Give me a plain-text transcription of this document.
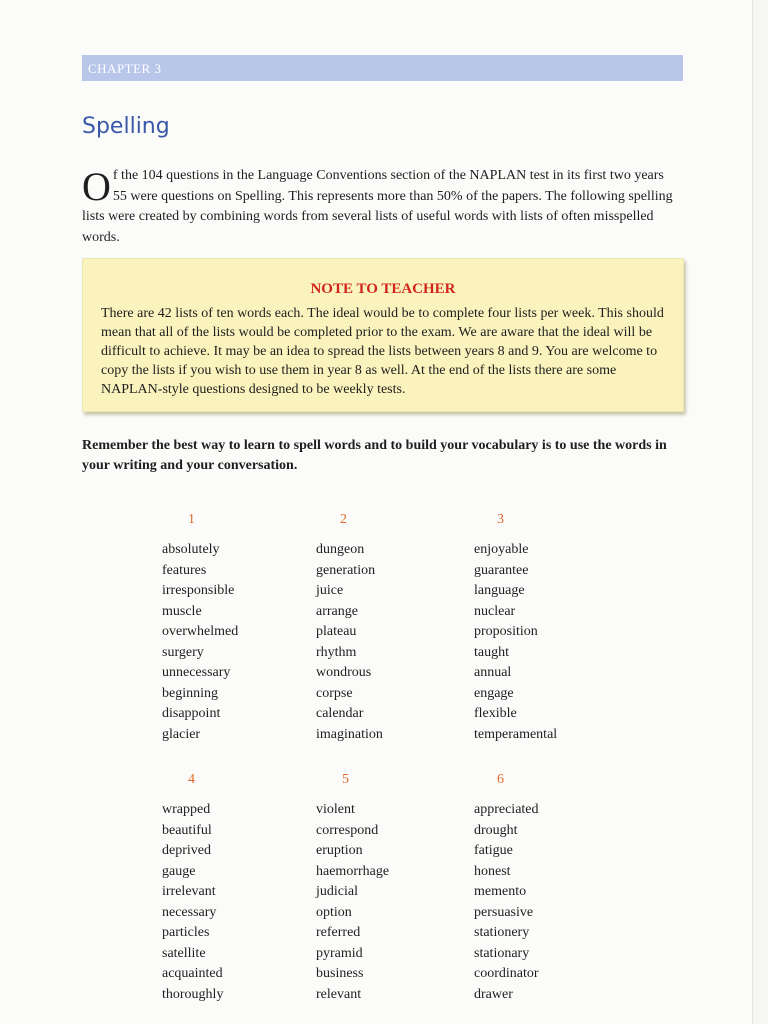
CHAPTER 3
Spelling
Of the 104 questions in the Language Conventions section of the NAPLAN test in its first two years 55 were questions on Spelling. This represents more than 50% of the papers. The following spelling lists were created by combining words from several lists of useful words with lists of often misspelled words.
NOTE TO TEACHER
There are 42 lists of ten words each. The ideal would be to complete four lists per week. This should mean that all of the lists would be completed prior to the exam. We are aware that the ideal will be difficult to achieve. It may be an idea to spread the lists between years 8 and 9. You are welcome to copy the lists if you wish to use them in year 8 as well. At the end of the lists there are some NAPLAN-style questions designed to be weekly tests.
Remember the best way to learn to spell words and to build your vocabulary is to use the words in your writing and your conversation.
1
absolutely
features
irresponsible
muscle
overwhelmed
surgery
unnecessary
beginning
disappoint
glacier
2
dungeon
generation
juice
arrange
plateau
rhythm
wondrous
corpse
calendar
imagination
3
enjoyable
guarantee
language
nuclear
proposition
taught
annual
engage
flexible
temperamental
4
wrapped
beautiful
deprived
gauge
irrelevant
necessary
particles
satellite
acquainted
thoroughly
5
violent
correspond
eruption
haemorrhage
judicial
option
referred
pyramid
business
relevant
6
appreciated
drought
fatigue
honest
memento
persuasive
stationery
stationary
coordinator
drawer
